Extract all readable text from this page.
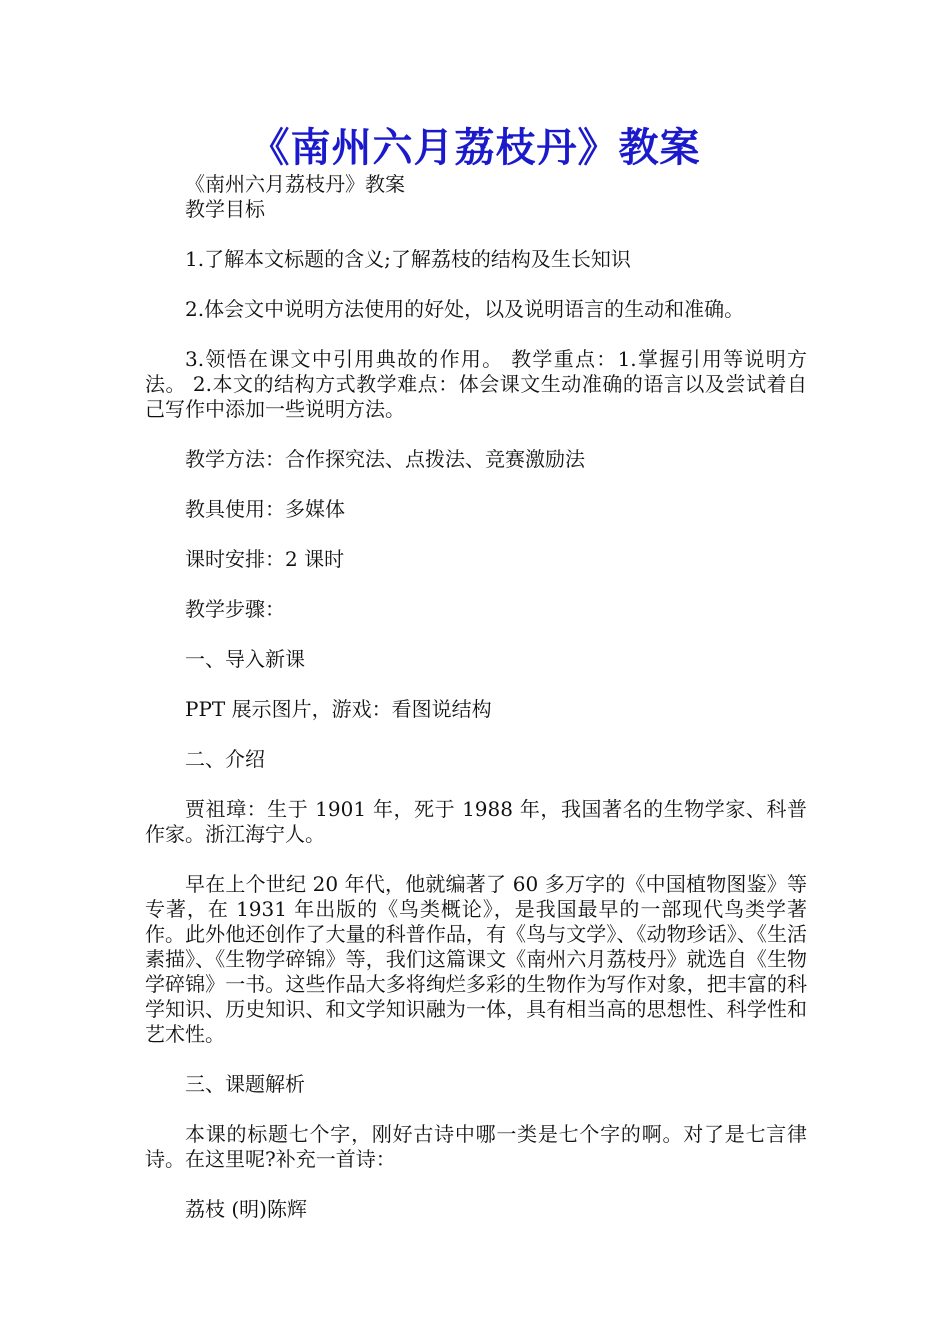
《南州六月荔枝丹》教案

《南州六月荔枝丹》教案

教学目标

1.了解本文标题的含义;了解荔枝的结构及生长知识

2.体会文中说明方法使用的好处，以及说明语言的生动和准确。

3.领悟在课文中引用典故的作用。 教学重点：1.掌握引用等说明方法。 2.本文的结构方式教学难点：体会课文生动准确的语言以及尝试着自己写作中添加一些说明方法。

教学方法：合作探究法、点拨法、竞赛激励法

教具使用：多媒体

课时安排：2 课时

教学步骤：

一、导入新课

PPT 展示图片，游戏：看图说结构

二、介绍

贾祖璋：生于 1901 年，死于 1988 年，我国著名的生物学家、科普作家。浙江海宁人。

早在上个世纪 20 年代，他就编著了 60 多万字的《中国植物图鉴》等专著，在 1931 年出版的《鸟类概论》，是我国最早的一部现代鸟类学著作。此外他还创作了大量的科普作品，有《鸟与文学》、《动物珍话》、《生活素描》、《生物学碎锦》等，我们这篇课文《南州六月荔枝丹》就选自《生物学碎锦》一书。这些作品大多将绚烂多彩的生物作为写作对象，把丰富的科学知识、历史知识、和文学知识融为一体，具有相当高的思想性、科学性和艺术性。

三、课题解析

本课的标题七个字，刚好古诗中哪一类是七个字的啊。对了是七言律诗。在这里呢?补充一首诗：

荔枝 (明)陈辉
